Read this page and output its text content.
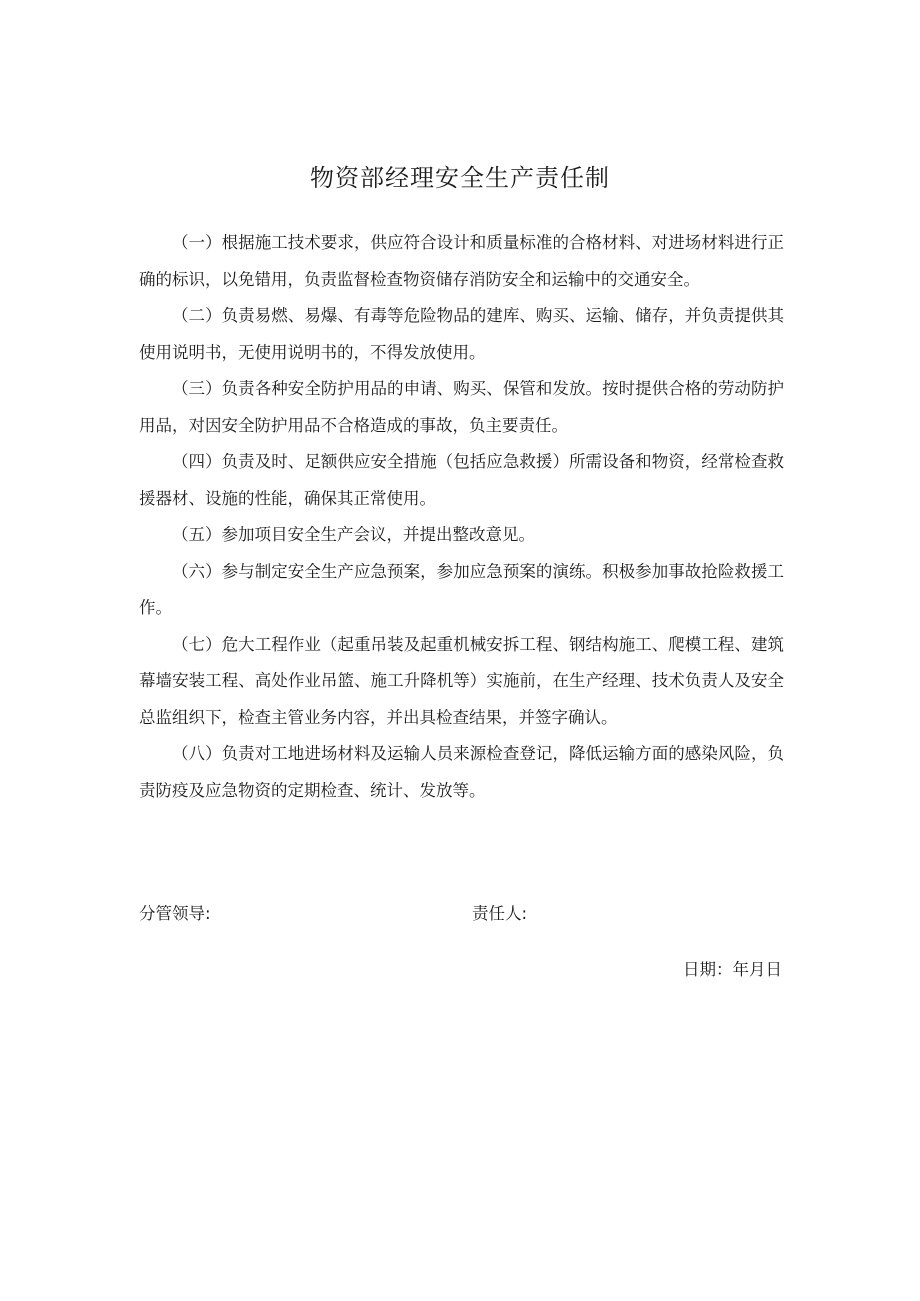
物资部经理安全生产责任制

（一）根据施工技术要求，供应符合设计和质量标准的合格材料、对进场材料进行正确的标识，以免错用，负责监督检查物资储存消防安全和运输中的交通安全。

（二）负责易燃、易爆、有毒等危险物品的建库、购买、运输、储存，并负责提供其使用说明书，无使用说明书的，不得发放使用。

（三）负责各种安全防护用品的申请、购买、保管和发放。按时提供合格的劳动防护用品，对因安全防护用品不合格造成的事故，负主要责任。

（四）负责及时、足额供应安全措施（包括应急救援）所需设备和物资，经常检查救援器材、设施的性能，确保其正常使用。

（五）参加项目安全生产会议，并提出整改意见。

（六）参与制定安全生产应急预案，参加应急预案的演练。积极参加事故抢险救援工作。

（七）危大工程作业（起重吊装及起重机械安拆工程、钢结构施工、爬模工程、建筑幕墙安装工程、高处作业吊篮、施工升降机等）实施前，在生产经理、技术负责人及安全总监组织下，检查主管业务内容，并出具检查结果，并签字确认。

（八）负责对工地进场材料及运输人员来源检查登记，降低运输方面的感染风险，负责防疫及应急物资的定期检查、统计、发放等。

分管领导:	责任人:
日期：年月日
